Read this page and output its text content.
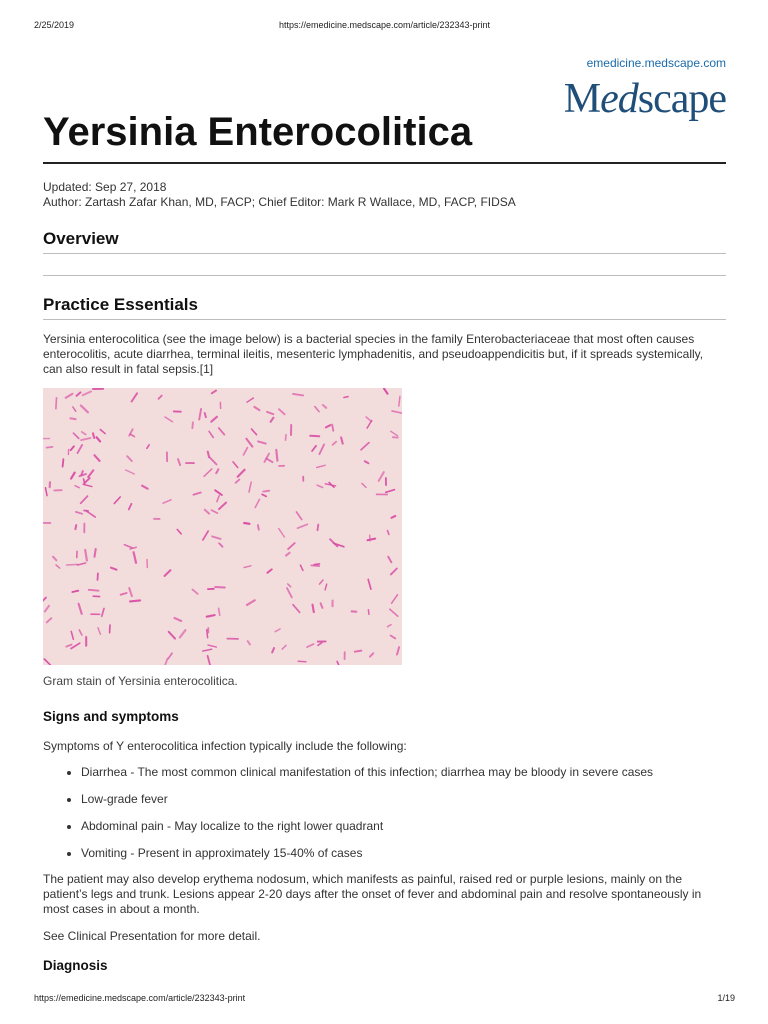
2/25/2019	https://emedicine.medscape.com/article/232343-print
emedicine.medscape.com
Medscape
Yersinia Enterocolitica
Updated: Sep 27, 2018
Author: Zartash Zafar Khan, MD, FACP; Chief Editor: Mark R Wallace, MD, FACP, FIDSA
Overview
Practice Essentials
Yersinia enterocolitica (see the image below) is a bacterial species in the family Enterobacteriaceae that most often causes
enterocolitis, acute diarrhea, terminal ileitis, mesenteric lymphadenitis, and pseudoappendicitis but, if it spreads systemically,
can also result in fatal sepsis.[1]
Gram stain of Yersinia enterocolitica.
Signs and symptoms

Symptoms of Y enterocolitica infection typically include the following:

• Diarrhea - The most common clinical manifestation of this infection; diarrhea may be bloody in severe cases
• Low-grade fever
• Abdominal pain - May localize to the right lower quadrant
• Vomiting - Present in approximately 15-40% of cases
The patient may also develop erythema nodosum, which manifests as painful, raised red or purple lesions, mainly on the
patient’s legs and trunk. Lesions appear 2-20 days after the onset of fever and abdominal pain and resolve spontaneously in
most cases in about a month.

See Clinical Presentation for more detail.

Diagnosis
https://emedicine.medscape.com/article/232343-print	1/19
